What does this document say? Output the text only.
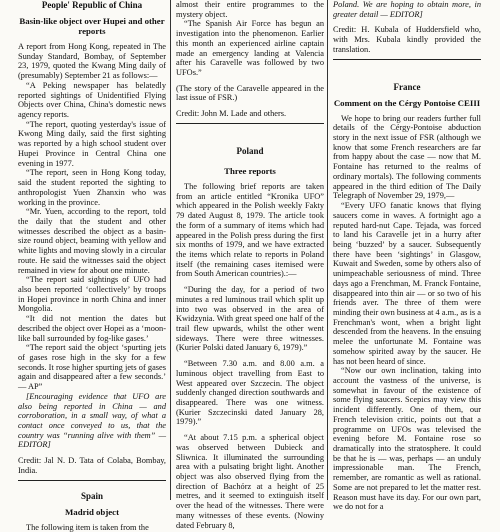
People' Republic of China
Basin-like object over Hupei and other reports

A report from Hong Kong, repeated in The Sunday Standard, Bombay, of September 23, 1979, quoted the Kwang Ming daily of (presumably) September 21 as follows:—

“A Peking newspaper has belatedly reported sightings of Unidentified Flying Objects over China, China's domestic news agency reports.

“The report, quoting yesterday's issue of Kwong Ming daily, said the first sighting was reported by a high school student over Hupei Province in Central China one evening in 1977.

“The report, seen in Hong Kong today, said the student reported the sighting to anthropologist Yuen Zhanxin who was working in the province.

“Mr. Yuen, according to the report, told the daily that the student and other witnesses described the object as a basin-size round object, beaming with yellow and white lights and moving slowly in a circular route. He said the witnesses said the object remained in view for about one minute.

“The report said sightings of UFO had also been reported ‘collectively’ by troops in Hopei province in north China and inner Mongolia.

“It did not mention the dates but described the object over Hopei as a ‘moon-like ball surrounded by fog-like gases.’

“The report said the object ‘spurting jets of gases rose high in the sky for a few seconds. It rose higher spurting jets of gases again and disappeared after a few seconds.’ — AP”

[Encouraging evidence that UFO are also being reported in China — and corroboration, in a small way, of what a contact once conveyed to us, that the country was “running alive with them” — EDITOR]

Credit: Jal N. D. Tata of Colaba, Bombay, India.

Spain
Madrid object

The following item is taken from the

almost their entire programmes to the mystery object.

“The Spanish Air Force has begun an investigation into the phenomenon. Earlier this month an experienced airline captain made an emergency landing at Valencia after his Caravelle was followed by two UFOs.”

(The story of the Caravelle appeared in the last issue of FSR.)

Credit: John M. Lade and others.

Poland
Three reports

The following brief reports are taken from an article entitled “Kronika UFO” which appeared in the Polish weekly Fakty 79 dated August 8, 1979. The article took the form of a summary of items which had appeared in the Polish press during the first six months of 1979, and we have extracted the items which relate to reports in Poland itself (the remaining cases itemised were from South American countries).:—

“During the day, for a period of two minutes a red luminous trail which split up into two was observed in the area of Kwidzynia. With great speed one half of the trail flew upwards, whilst the other went sideways. There were three witnesses. (Kurier Polski dated January 6, 1979).”

“Between 7.30 a.m. and 8.00 a.m. a luminous object travelling from East to West appeared over Szczecin. The object suddenly changed direction southwards and disappeared. There was one witness. (Kurier Szczecinski dated January 28, 1979).”

“At about 7.15 p.m. a spherical object was observed between Dubieck and Sliwnica. It illuminated the surrounding area with a pulsating bright light. Another object was also observed flying from the direction of Bachórz at a height of 25 metres, and it seemed to extinguish itself over the head of the witnesses. There were many witnesses of these events. (Nowiny dated February 8,

Poland. We are hoping to obtain more, in greater detail — EDITOR]

Credit: H. Kubala of Huddersfield who, with Mrs. Kubala kindly provided the translation.

France
Comment on the Cérgy Pontoise CEIII

We hope to bring our readers further full details of the Cérgy-Pontoise abduction story in the next issue of FSR (although we know that some French researchers are far from happy about the case — now that M. Fontaine has returned to the realms of ordinary mortals). The following comments appeared in the third edition of The Daily Telegraph of November 29, 1979,—

“Every UFO fanatic knows that flying saucers come in waves. A fortnight ago a reputed hard-nut Cape. Tejada, was forced to land his Caravelle jet in a hurry after being ‘buzzed’ by a saucer. Subsequently there have been ‘sightings’ in Glasgow, Kuwait and Sweden, some by others also of unimpeachable seriousness of mind. Three days ago a Frenchman, M. Franck Fontaine, disappeared into thin air — or so two of his friends aver. The three of them were minding their own business at 4 a.m., as is a Frenchman's wont, when a bright light descended from the heavens. In the ensuing melee the unfortunate M. Fontaine was somehow spirited away by the saucer. He has not been heard of since.

“Now our own inclination, taking into account the vastness of the universe, is somewhat in favour of the existence of some flying saucers. Scepics may view this incident differently. One of them, our French television critic, points out that a programme on UFOs was televised the evening before M. Fontaine rose so dramatically into the stratosphere. It could be that he is — was, perhaps — an unduly impressionable man. The French, remember, are romantic as well as rational. Some are not prepared to let the matter rest. Reason must have its day. For our own part, we do not for a
